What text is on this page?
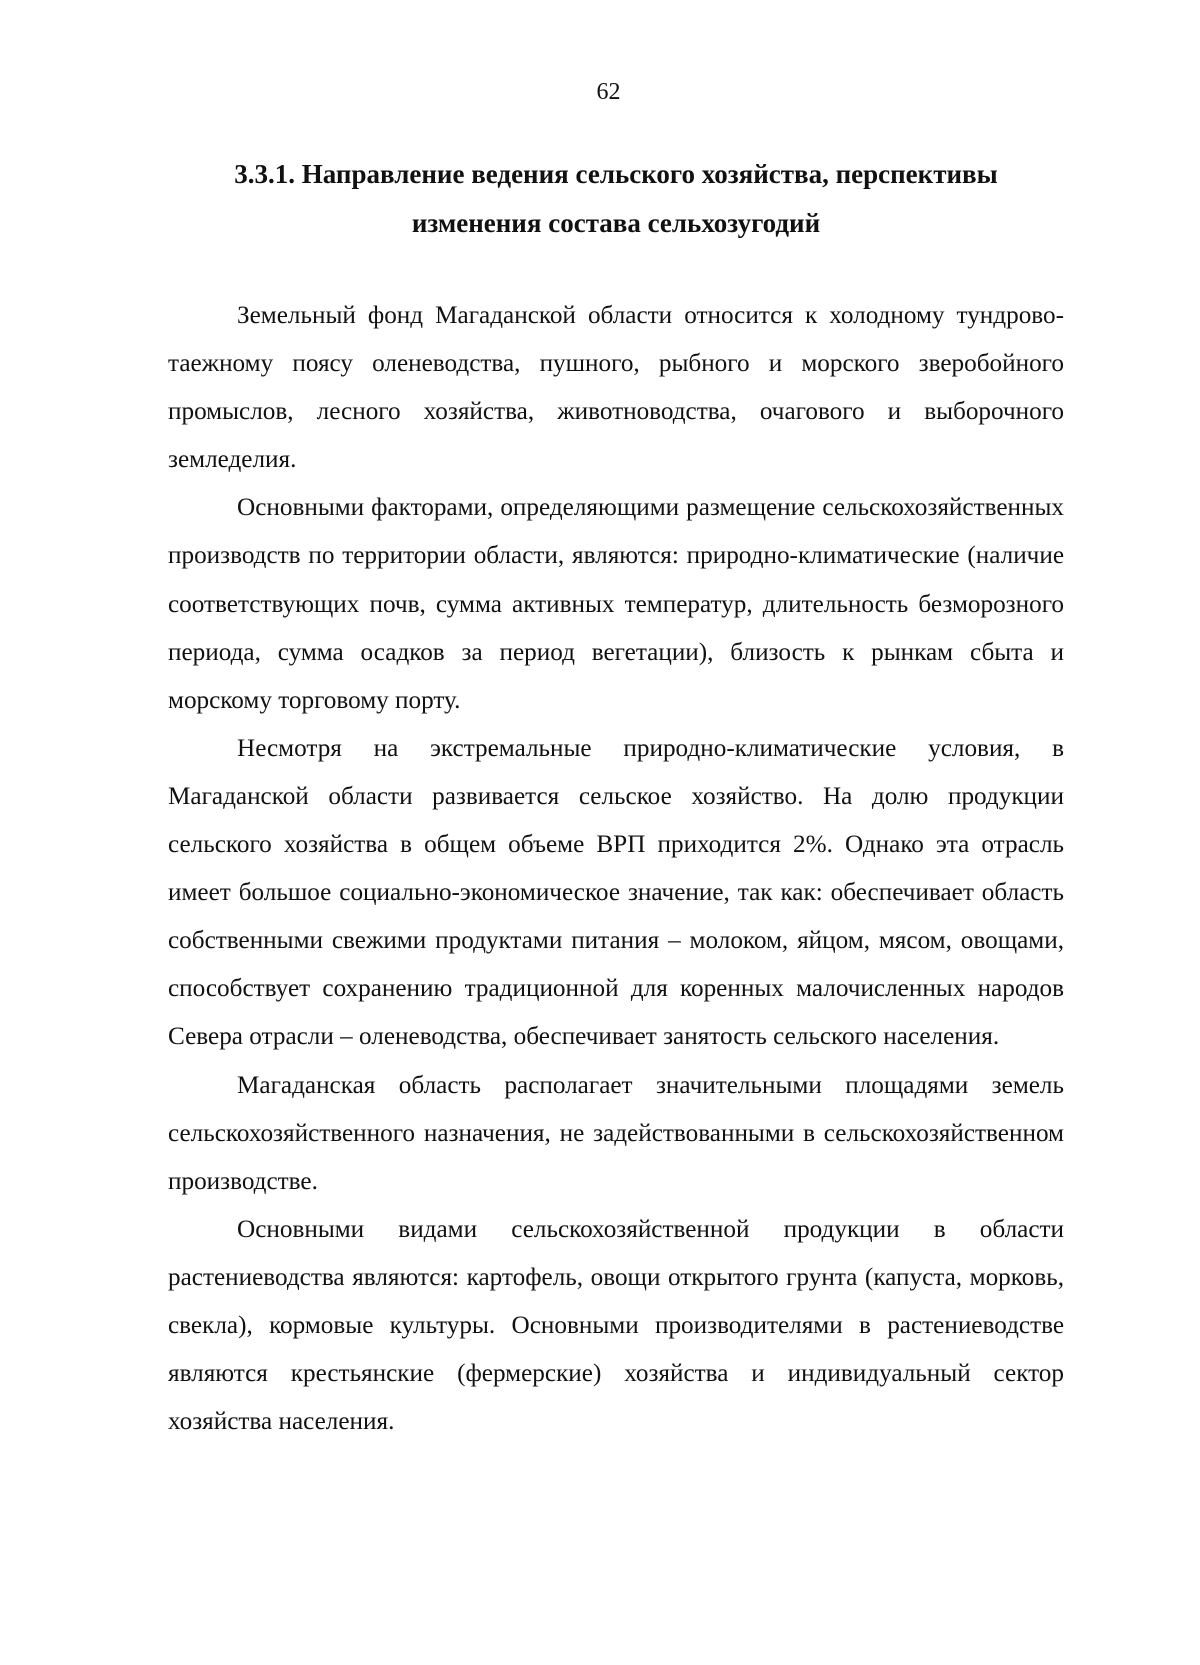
62
3.3.1. Направление ведения сельского хозяйства, перспективы
изменения состава сельхозугодий

Земельный фонд Магаданской области относится к холодному тундрово-таежному поясу оленеводства, пушного, рыбного и морского зверобойного промыслов, лесного хозяйства, животноводства, очагового и выборочного земледелия.

Основными факторами, определяющими размещение сельскохозяйственных производств по территории области, являются: природно-климатические (наличие соответствующих почв, сумма активных температур, длительность безморозного периода, сумма осадков за период вегетации), близость к рынкам сбыта и морскому торговому порту.

Несмотря на экстремальные природно-климатические условия, в Магаданской области развивается сельское хозяйство. На долю продукции сельского хозяйства в общем объеме ВРП приходится 2%. Однако эта отрасль имеет большое социально-экономическое значение, так как: обеспечивает область собственными свежими продуктами питания – молоком, яйцом, мясом, овощами, способствует сохранению традиционной для коренных малочисленных народов Севера отрасли – оленеводства, обеспечивает занятость сельского населения.

Магаданская область располагает значительными площадями земель сельскохозяйственного назначения, не задействованными в сельскохозяйственном производстве.

Основными видами сельскохозяйственной продукции в области растениеводства являются: картофель, овощи открытого грунта (капуста, морковь, свекла), кормовые культуры. Основными производителями в растениеводстве являются крестьянские (фермерские) хозяйства и индивидуальный сектор хозяйства населения.
